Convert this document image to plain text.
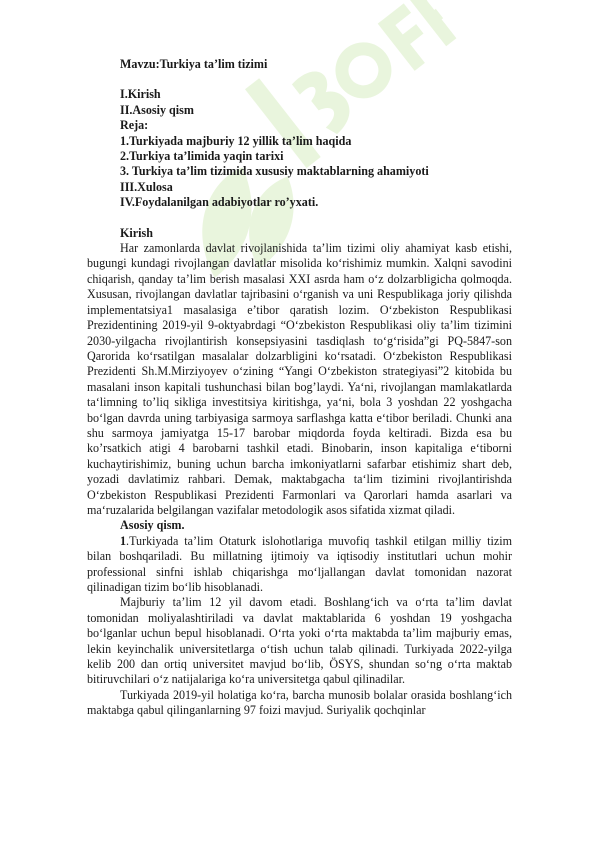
Mavzu:Turkiya ta’lim tizimi
I.Kirish
II.Asosiy qism
Reja:
1.Turkiyada majburiy 12 yillik ta’lim haqida
2.Turkiya ta’limida yaqin tarixi
3. Turkiya ta’lim tizimida xususiy maktablarning ahamiyoti
III.Xulosa
IV.Foydalanilgan adabiyotlar ro’yxati.
Kirish

Har zamonlarda davlat rivojlanishida ta’lim tizimi oliy ahamiyat kasb etishi, bugungi kundagi rivojlangan davlatlar misolida ko‘rishimiz mumkin. Xalqni savodini chiqarish, qanday ta’lim berish masalasi XXI asrda ham o‘z dolzarbligicha qolmoqda. Xususan, rivojlangan davlatlar tajribasini o‘rganish va uni Respublikaga joriy qilishda implementatsiya1 masalasiga e’tibor qaratish lozim. O‘zbekiston Respublikasi Prezidentining 2019-yil 9-oktyabrdagi “O‘zbekiston Respublikasi oliy ta’lim tizimini 2030-yilgacha rivojlantirish konsepsiyasini tasdiqlash to‘g‘risida”gi PQ-5847-son Qarorida ko‘rsatilgan masalalar dolzarbligini ko‘rsatadi. O‘zbekiston Respublikasi Prezidenti Sh.M.Mirziyoyev o‘zining “Yangi O‘zbekiston strategiyasi”2 kitobida bu masalani inson kapitali tushunchasi bilan bog’laydi. Ya‘ni, rivojlangan mamlakatlarda ta‘limning to’liq sikliga investitsiya kiritishga, ya‘ni, bola 3 yoshdan 22 yoshgacha bo‘lgan davrda uning tarbiyasiga sarmoya sarflashga katta e‘tibor beriladi. Chunki ana shu sarmoya jamiyatga 15-17 barobar miqdorda foyda keltiradi. Bizda esa bu ko’rsatkich atigi 4 barobarni tashkil etadi. Binobarin, inson kapitaliga e‘tiborni kuchaytirishimiz, buning uchun barcha imkoniyatlarni safarbar etishimiz shart deb, yozadi davlatimiz rahbari. Demak, maktabgacha ta‘lim tizimini rivojlantirishda O‘zbekiston Respublikasi Prezidenti Farmonlari va Qarorlari hamda asarlari va ma‘ruzalarida belgilangan vazifalar metodologik asos sifatida xizmat qiladi.

Asosiy qism.

1.Turkiyada ta’lim Otaturk islohotlariga muvofiq tashkil etilgan milliy tizim bilan boshqariladi. Bu millatning ijtimoiy va iqtisodiy institutlari uchun mohir professional sinfni ishlab chiqarishga mo‘ljallangan davlat tomonidan nazorat qilinadigan tizim bo‘lib hisoblanadi.

Majburiy ta’lim 12 yil davom etadi. Boshlang‘ich va o‘rta ta’lim davlat tomonidan moliyalashtiriladi va davlat maktablarida 6 yoshdan 19 yoshgacha bo‘lganlar uchun bepul hisoblanadi. O‘rta yoki o‘rta maktabda ta’lim majburiy emas, lekin keyinchalik universitetlarga o‘tish uchun talab qilinadi. Turkiyada 2022-yilga kelib 200 dan ortiq universitet mavjud bo‘lib, ÖSYS, shundan so‘ng o‘rta maktab bitiruvchilari o‘z natijalariga ko‘ra universitetga qabul qilinadilar.

Turkiyada 2019-yil holatiga ko‘ra, barcha munosib bolalar orasida boshlang‘ich maktabga qabul qilinganlarning 97 foizi mavjud. Suriyalik qochqinlar
